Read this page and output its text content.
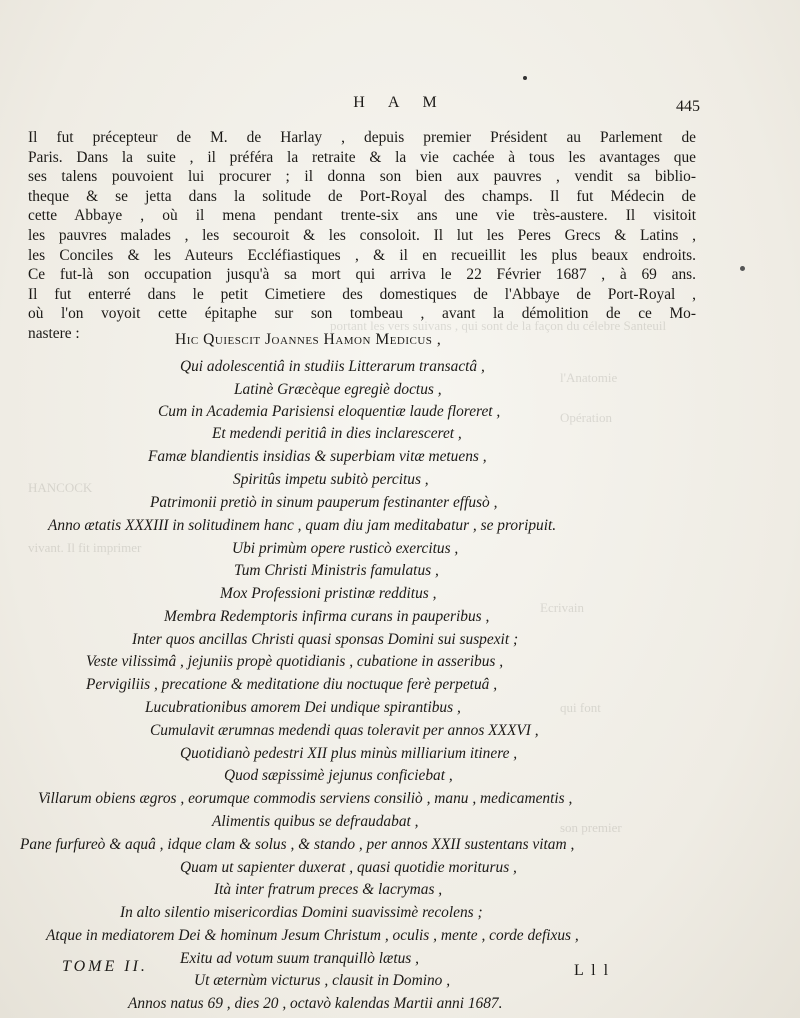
portant les vers suivans , qui sont de la façon du célebre Santeuil
l'Anatomie
Opération
HANCOCK
vivant. Il fit imprimer
Ecrivain
qui font
son premier
H A M	445

Il fut précepteur de M. de Harlay , depuis premier Président au Parlement de

Paris. Dans la suite , il préféra la retraite & la vie cachée à tous les avantages que

ses talens pouvoient lui procurer ; il donna son bien aux pauvres , vendit sa biblio-

theque & se jetta dans la solitude de Port-Royal des champs. Il fut Médecin de

cette Abbaye , où il mena pendant trente-six ans une vie très-austere. Il visitoit

les pauvres malades , les secouroit & les consoloit. Il lut les Peres Grecs & Latins ,

les Conciles & les Auteurs Eccléfiastiques , & il en recueillit les plus beaux endroits.

Ce fut-là son occupation jusqu'à sa mort qui arriva le 22 Février 1687 , à 69 ans.

Il fut enterré dans le petit Cimetiere des domestiques de l'Abbaye de Port-Royal ,

où l'on voyoit cette épitaphe sur son tombeau , avant la démolition de ce Mo-

nastere :	Hic Quiescit Joannes Hamon Medicus ,
Qui adolescentiâ in studiis Litterarum transactâ ,
Latinè Græcèque egregiè doctus ,
Cum in Academia Parisiensi eloquentiæ laude floreret ,
Et medendi peritiâ in dies inclaresceret ,
Famæ blandientis insidias & superbiam vitæ metuens ,
Spiritûs impetu subitò percitus ,
Patrimonii pretiò in sinum pauperum festinanter effusò ,
Anno ætatis XXXIII in solitudinem hanc , quam diu jam meditabatur , se proripuit.
Ubi primùm opere rusticò exercitus ,
Tum Christi Ministris famulatus ,
Mox Professioni pristinæ redditus ,
Membra Redemptoris infirma curans in pauperibus ,
Inter quos ancillas Christi quasi sponsas Domini sui suspexit ;
Veste vilissimâ , jejuniis propè quotidianis , cubatione in asseribus ,
Pervigiliis , precatione & meditatione diu noctuque ferè perpetuâ ,
Lucubrationibus amorem Dei undique spirantibus ,
Cumulavit ærumnas medendi quas toleravit per annos XXXVI ,
Quotidianò pedestri XII plus minùs milliarium itinere ,
Quod sæpissimè jejunus conficiebat ,
Villarum obiens ægros , eorumque commodis serviens consiliò , manu , medicamentis ,
Alimentis quibus se defraudabat ,
Pane furfureò & aquâ , idque clam & solus , & stando , per annos XXII sustentans vitam ,
Quam ut sapienter duxerat , quasi quotidie moriturus ,
Ità inter fratrum preces & lacrymas ,
In alto silentio misericordias Domini suavissimè recolens ;
Atque in mediatorem Dei & hominum Jesum Christum , oculis , mente , corde defixus ,
Exitu ad votum suum tranquillò lætus ,
Ut æternùm victurus , clausit in Domino ,
Annos natus 69 , dies 20 , octavò kalendas Martii anni 1687.
TOME II.	L l l
